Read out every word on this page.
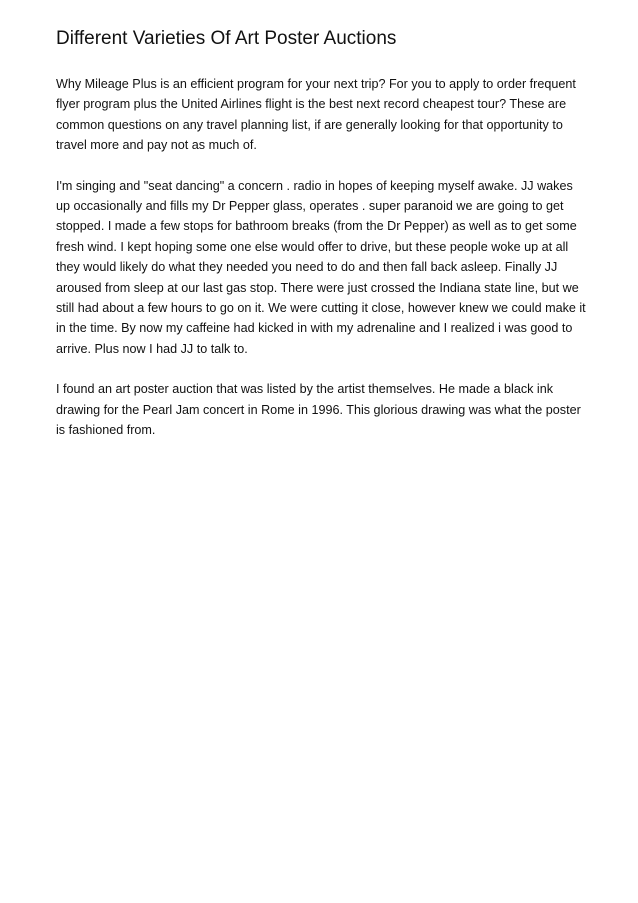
Different Varieties Of Art Poster Auctions

Why Mileage Plus is an efficient program for your next trip? For you to apply to order frequent flyer program plus the United Airlines flight is the best next record cheapest tour? These are common questions on any travel planning list, if are generally looking for that opportunity to travel more and pay not as much of.

I'm singing and "seat dancing" a concern . radio in hopes of keeping myself awake. JJ wakes up occasionally and fills my Dr Pepper glass, operates . super paranoid we are going to get stopped. I made a few stops for bathroom breaks (from the Dr Pepper) as well as to get some fresh wind. I kept hoping some one else would offer to drive, but these people woke up at all they would likely do what they needed you need to do and then fall back asleep. Finally JJ aroused from sleep at our last gas stop. There were just crossed the Indiana state line, but we still had about a few hours to go on it. We were cutting it close, however knew we could make it in the time. By now my caffeine had kicked in with my adrenaline and I realized i was good to arrive. Plus now I had JJ to talk to.

I found an art poster auction that was listed by the artist themselves. He made a black ink drawing for the Pearl Jam concert in Rome in 1996. This glorious drawing was what the poster is fashioned from.
